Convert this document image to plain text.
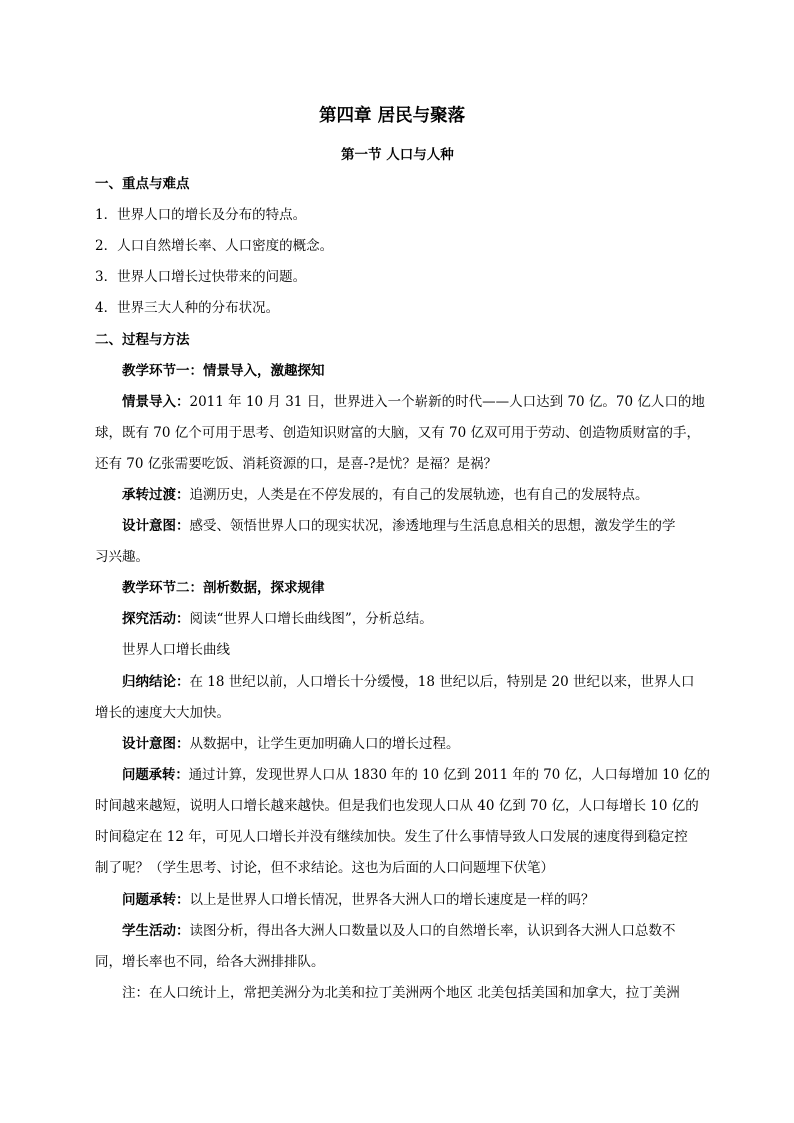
第四章 居民与聚落
第一节 人口与人种
一、重点与难点
1．世界人口的增长及分布的特点。
2．人口自然增长率、人口密度的概念。
3．世界人口增长过快带来的问题。
4．世界三大人种的分布状况。
二、过程与方法
教学环节一：情景导入，激趣探知
情景导入：2011 年 10 月 31 日，世界进入一个崭新的时代——人口达到 70 亿。70 亿人口的地
球，既有 70 亿个可用于思考、创造知识财富的大脑，又有 70 亿双可用于劳动、创造物质财富的手，
还有 70 亿张需要吃饭、消耗资源的口，是喜-?是忧？是福？是祸？
承转过渡：追溯历史，人类是在不停发展的，有自己的发展轨迹，也有自己的发展特点。
设计意图：感受、领悟世界人口的现实状况，渗透地理与生活息息相关的思想，激发学生的学
习兴趣。
教学环节二：剖析数据，探求规律
探究活动：阅读“世界人口增长曲线图”，分析总结。
世界人口增长曲线
归纳结论：在 18 世纪以前，人口增长十分缓慢，18 世纪以后，特别是 20 世纪以来，世界人口
增长的速度大大加快。
设计意图：从数据中，让学生更加明确人口的增长过程。
问题承转：通过计算，发现世界人口从 1830 年的 10 亿到 2011 年的 70 亿，人口每增加 10 亿的
时间越来越短，说明人口增长越来越快。但是我们也发现人口从 40 亿到 70 亿，人口每增长 10 亿的
时间稳定在 12 年，可见人口增长并没有继续加快。发生了什么事情导致人口发展的速度得到稳定控
制了呢？（学生思考、讨论，但不求结论。这也为后面的人口问题埋下伏笔）
问题承转：以上是世界人口增长情况，世界各大洲人口的增长速度是一样的吗？
学生活动：读图分析，得出各大洲人口数量以及人口的自然增长率，认识到各大洲人口总数不
同，增长率也不同，给各大洲排排队。
注：在人口统计上，常把美洲分为北美和拉丁美洲两个地区 北美包括美国和加拿大，拉丁美洲
